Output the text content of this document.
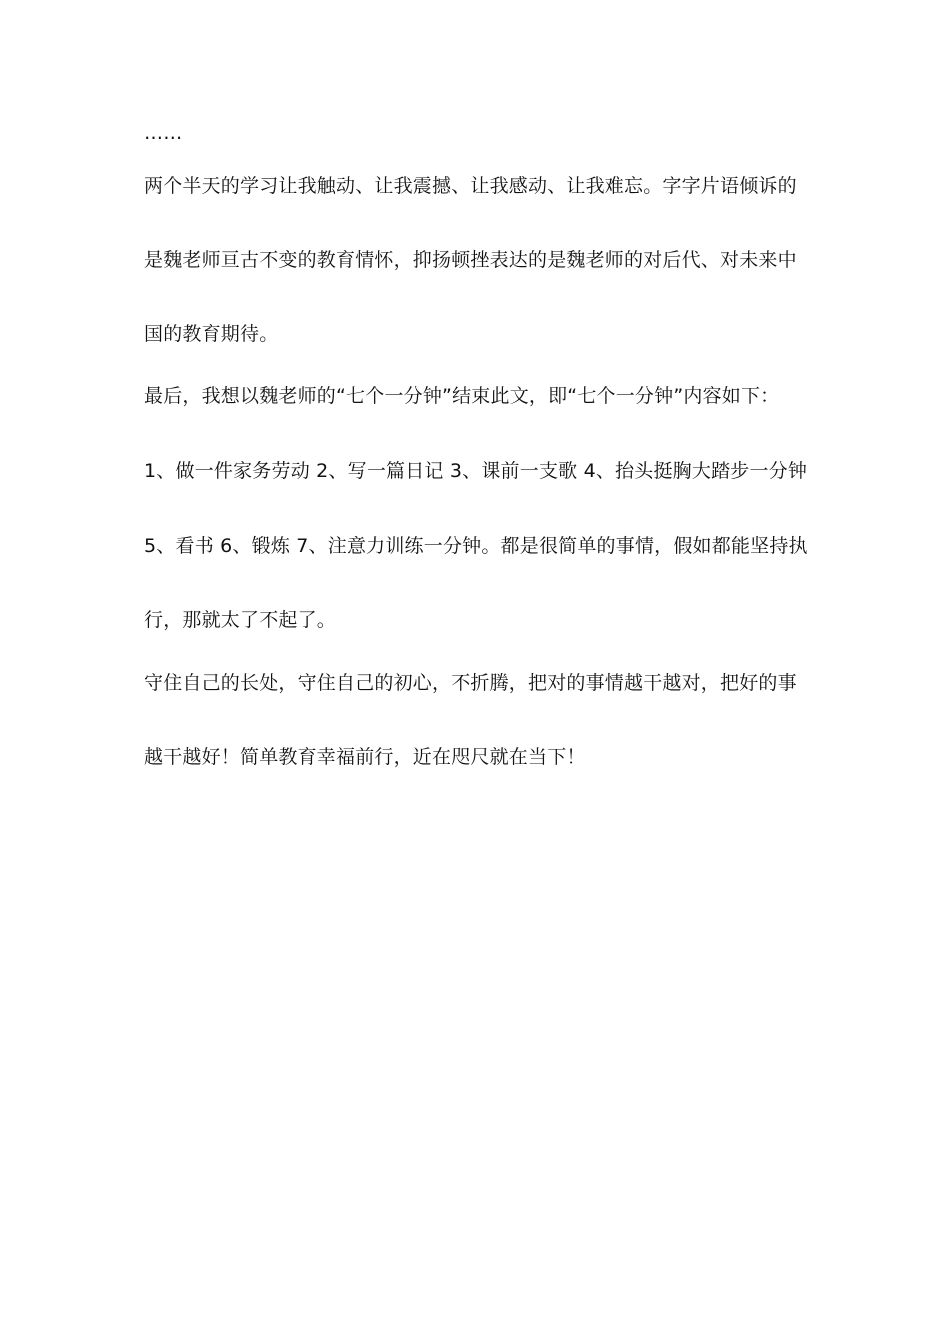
……
两个半天的学习让我触动、让我震撼、让我感动、让我难忘。字字片语倾诉的
是魏老师亘古不变的教育情怀，抑扬顿挫表达的是魏老师的对后代、对未来中
国的教育期待。
最后，我想以魏老师的“七个一分钟”结束此文，即“七个一分钟”内容如下：
1、做一件家务劳动 2、写一篇日记 3、课前一支歌 4、抬头挺胸大踏步一分钟
5、看书 6、锻炼 7、注意力训练一分钟。都是很简单的事情，假如都能坚持执
行，那就太了不起了。
守住自己的长处，守住自己的初心，不折腾，把对的事情越干越对，把好的事
越干越好！简单教育幸福前行，近在咫尺就在当下！
